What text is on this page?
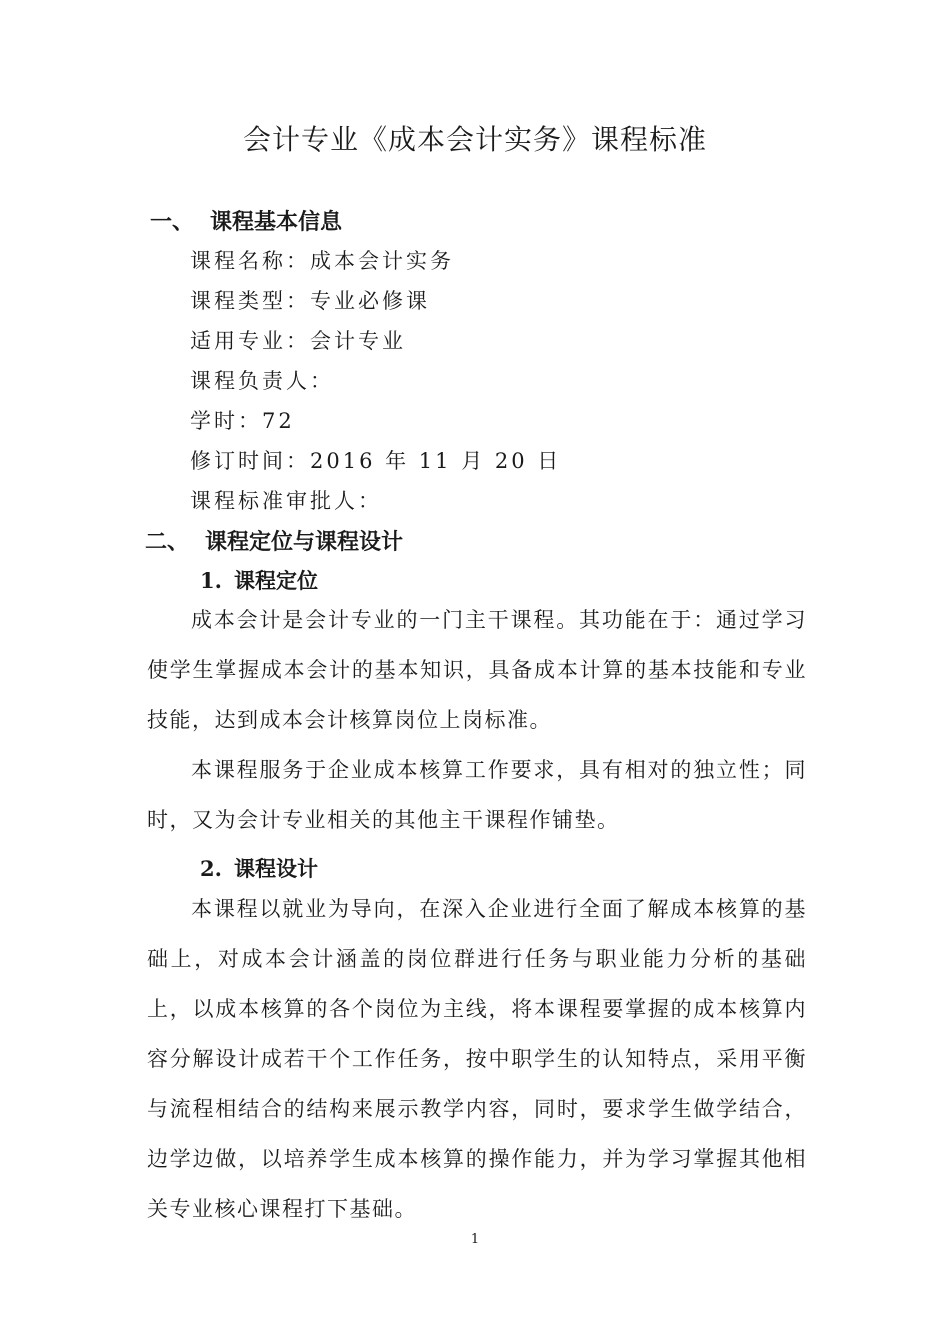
会计专业《成本会计实务》课程标准
一、 课程基本信息
课程名称：成本会计实务
课程类型：专业必修课
适用专业：会计专业
课程负责人：
学时：72
修订时间：2016 年 11 月 20 日
课程标准审批人：
二、 课程定位与课程设计
1. 课程定位
成本会计是会计专业的一门主干课程。其功能在于：通过学习使学生掌握成本会计的基本知识，具备成本计算的基本技能和专业技能，达到成本会计核算岗位上岗标准。
本课程服务于企业成本核算工作要求，具有相对的独立性；同时，又为会计专业相关的其他主干课程作铺垫。
2. 课程设计
本课程以就业为导向，在深入企业进行全面了解成本核算的基础上，对成本会计涵盖的岗位群进行任务与职业能力分析的基础上，以成本核算的各个岗位为主线，将本课程要掌握的成本核算内容分解设计成若干个工作任务，按中职学生的认知特点，采用平衡与流程相结合的结构来展示教学内容，同时，要求学生做学结合，边学边做，以培养学生成本核算的操作能力，并为学习掌握其他相关专业核心课程打下基础。
1
